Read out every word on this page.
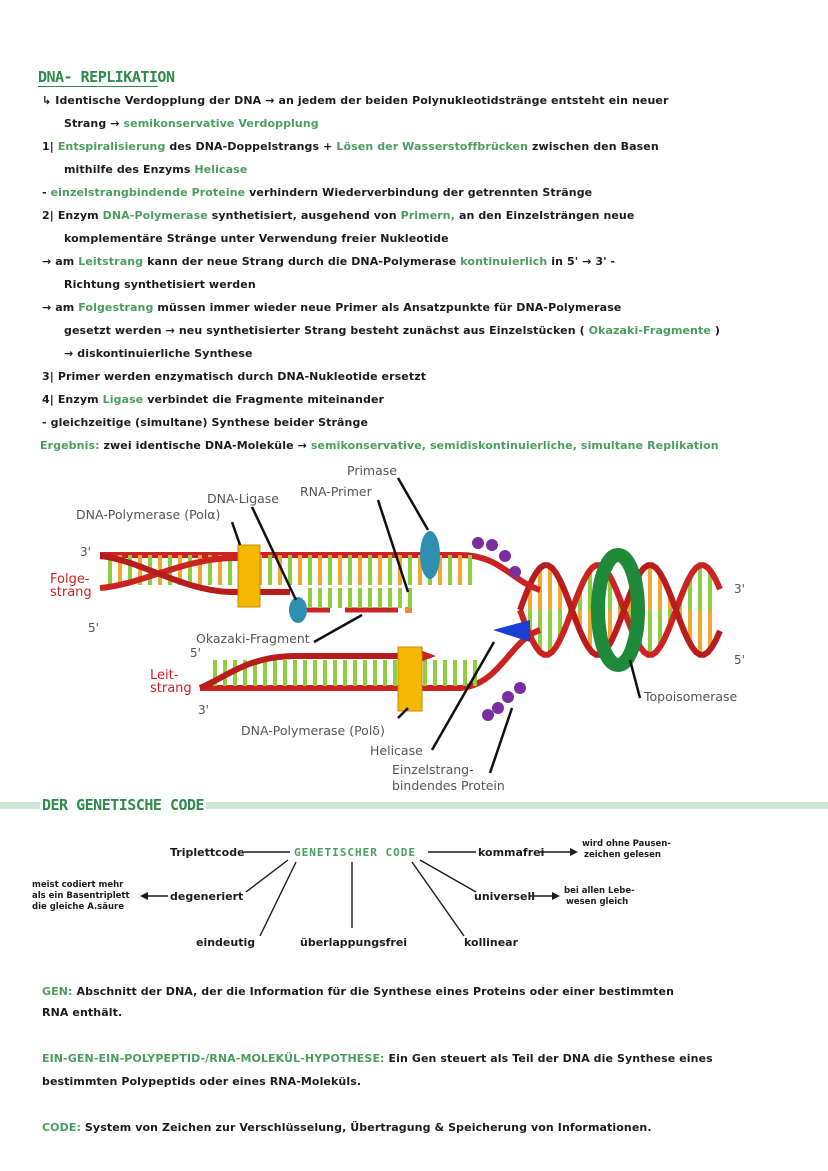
DNA- REPLIKATION
↳ Identische Verdopplung der DNA → an jedem der beiden Polynukleotidstränge entsteht ein neuer
Strang → semikonservative Verdopplung
1| Entspiralisierung des DNA-Doppelstrangs + Lösen der Wasserstoffbrücken zwischen den Basen
mithilfe des Enzyms Helicase
- einzelstrangbindende Proteine verhindern Wiederverbindung der getrennten Stränge
2| Enzym DNA-Polymerase synthetisiert, ausgehend von Primern, an den Einzelsträngen neue
komplementäre Stränge unter Verwendung freier Nukleotide
→ am Leitstrang kann der neue Strang durch die DNA-Polymerase kontinuierlich in 5' → 3' -
Richtung synthetisiert werden
→ am Folgestrang müssen immer wieder neue Primer als Ansatzpunkte für DNA-Polymerase
gesetzt werden → neu synthetisierter Strang besteht zunächst aus Einzelstücken ( Okazaki-Fragmente )
→ diskontinuierliche Synthese
3| Primer werden enzymatisch durch DNA-Nukleotide ersetzt
4| Enzym Ligase verbindet die Fragmente miteinander
- gleichzeitige (simultane) Synthese beider Stränge
Ergebnis: zwei identische DNA-Moleküle → semikonservative, semidiskontinuierliche, simultane Replikation
Primase
RNA-Primer
DNA-Ligase
DNA-Polymerase (Polα)
3'
Folge-
strang
5'
Okazaki-Fragment
5'
Leit-
strang
3'
DNA-Polymerase (Polδ)
Helicase
Einzelstrang-
bindendes Protein
Topoisomerase
3'
5'
DER GENETISCHE CODE
GENETISCHER CODE
Triplettcode	kommafrei
wird ohne Pausen-
zeichen gelesen
degeneriert
meist codiert mehr
als ein Basentriplett
die gleiche A.säure
universell	bei allen Lebe-
wesen gleich
eindeutig	überlappungsfrei	kollinear
GEN: Abschnitt der DNA, der die Information für die Synthese eines Proteins oder einer bestimmten
RNA enthält.
EIN-GEN-EIN-POLYPEPTID-/RNA-MOLEKÜL-HYPOTHESE: Ein Gen steuert als Teil der DNA die Synthese eines
bestimmten Polypeptids oder eines RNA-Moleküls.
CODE: System von Zeichen zur Verschlüsselung, Übertragung & Speicherung von Informationen.
